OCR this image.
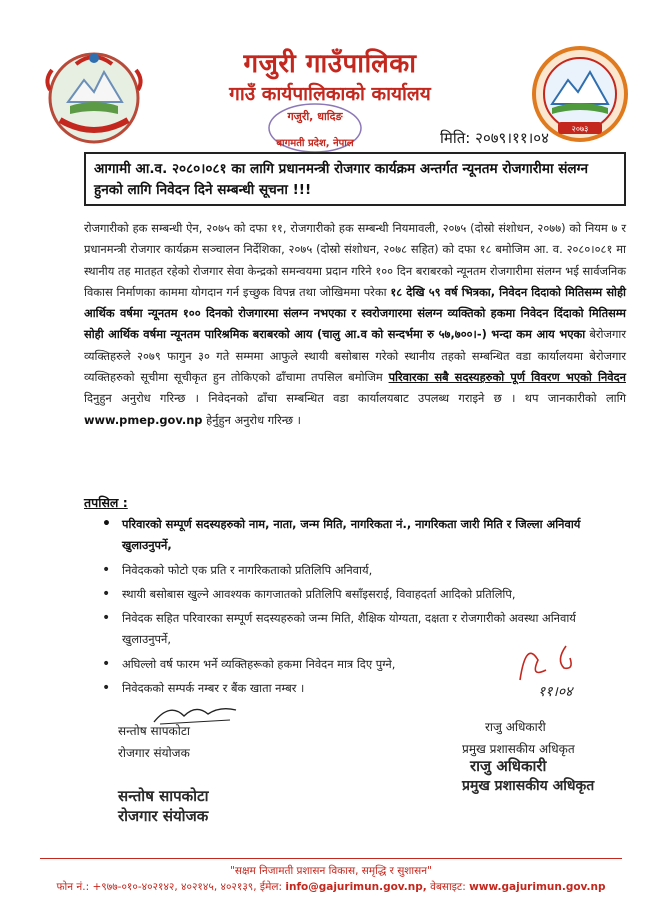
गजुरी गाउँपालिका
गाउँ कार्यपालिकाको कार्यालय
गजुरी, धादिङ
बागमती प्रदेश, नेपाल
२०७३
मिति: २०७९।११।०४
आगामी आ.व. २०८०।०८१ का लागि प्रधानमन्त्री रोजगार कार्यक्रम अन्तर्गत न्यूनतम रोजगारीमा संलग्न हुनको लागि निवेदन दिने सम्बन्धी सूचना !!!
रोजगारीको हक सम्बन्धी ऐन, २०७५ को दफा ११, रोजगारीको हक सम्बन्धी नियमावली, २०७५ (दोस्रो संशोधन, २०७७) को नियम ७ र प्रधानमन्त्री रोजगार कार्यक्रम सञ्चालन निर्देशिका, २०७५ (दोस्रो संशोधन, २०७८ सहित) को दफा १८ बमोजिम आ. व. २०८०।०८१ मा स्थानीय तह मातहत रहेको रोजगार सेवा केन्द्रको समन्वयमा प्रदान गरिने १०० दिन बराबरको न्यूनतम रोजगारीमा संलग्न भई सार्वजनिक विकास निर्माणका काममा योगदान गर्न इच्छुक विपन्न तथा जोखिममा परेका १८ देखि ५९ वर्ष भित्रका, निवेदन दिदाको मितिसम्म सोही आर्थिक वर्षमा न्यूनतम १०० दिनको रोजगारमा संलग्न नभएका र स्वरोजगारमा संलग्न व्यक्तिको हकमा निवेदन दिंदाको मितिसम्म सोही आर्थिक वर्षमा न्यूनतम पारिश्रमिक बराबरको आय (चालु आ.व को सन्दर्भमा रु ५७,७००।-) भन्दा कम आय भएका बेरोजगार व्यक्तिहरुले २०७९ फागुन ३० गते सम्ममा आफुले स्थायी बसोबास गरेको स्थानीय तहको सम्बन्धित वडा कार्यालयमा बेरोजगार व्यक्तिहरुको सूचीमा सूचीकृत हुन तोकिएको ढाँचामा तपसिल बमोजिम परिवारका सबै सदस्यहरुको पूर्ण विवरण भएको निवेदन दिनुहुन अनुरोध गरिन्छ । निवेदनको ढाँचा सम्बन्धित वडा कार्यालयबाट उपलब्ध गराइने छ । थप जानकारीको लागि www.pmep.gov.np हेर्नुहुन अनुरोध गरिन्छ ।
तपसिल :
• परिवारको सम्पूर्ण सदस्यहरुको नाम, नाता, जन्म मिति, नागरिकता नं., नागरिकता जारी मिति र जिल्ला अनिवार्य खुलाउनुपर्ने,
• निवेदकको फोटो एक प्रति र नागरिकताको प्रतिलिपि अनिवार्य,
• स्थायी बसोबास खुल्ने आवश्यक कागजातको प्रतिलिपि बसाँइसराई, विवाहदर्ता आदिको प्रतिलिपि,
• निवेदक सहित परिवारका सम्पूर्ण सदस्यहरुको जन्म मिति, शैक्षिक योग्यता, दक्षता र रोजगारीको अवस्था अनिवार्य खुलाउनुपर्ने,
• अघिल्लो वर्ष फारम भर्ने व्यक्तिहरूको हकमा निवेदन मात्र दिए पुग्ने,
• निवेदकको सम्पर्क नम्बर र बैंक खाता नम्बर ।
सन्तोष सापकोटा
रोजगार संयोजक
सन्तोष सापकोटा
रोजगार संयोजक
११।०४
राजु अधिकारी
प्रमुख प्रशासकीय अधिकृत
राजु अधिकारी
प्रमुख प्रशासकीय अधिकृत
"सक्षम निजामती प्रशासन विकास, समृद्धि र सुशासन"
फोन नं.: +९७७-०१०-४०२१४२, ४०२१४५, ४०२१३९, ईमेल: info@gajurimun.gov.np, वेबसाइट: www.gajurimun.gov.np
